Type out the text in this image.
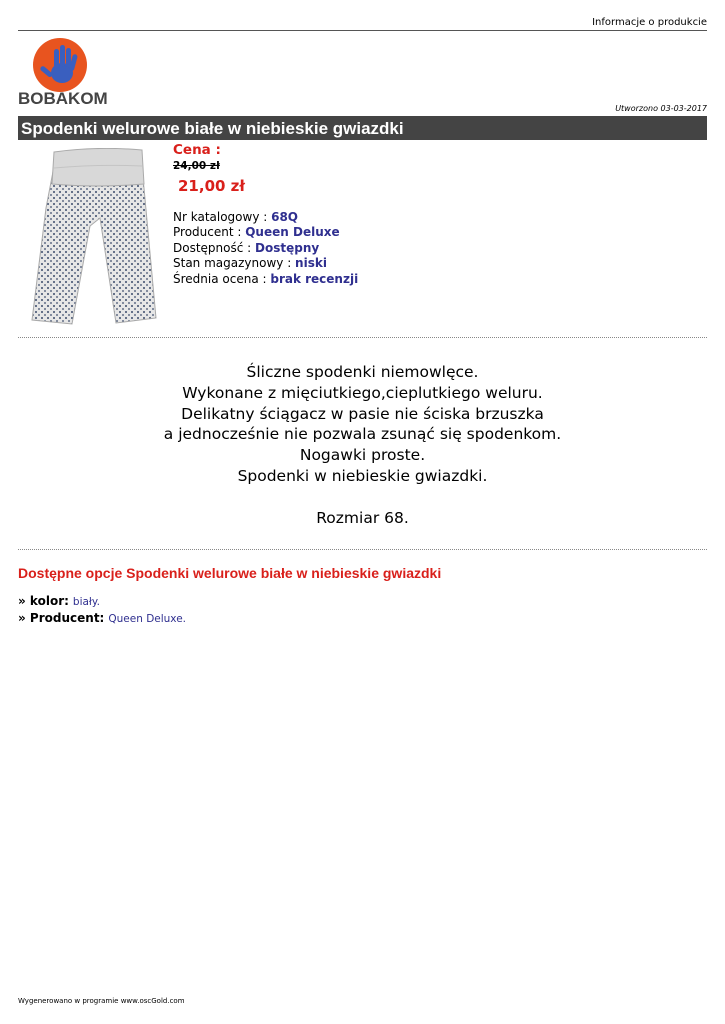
Informacje o produkcie
BOBAKOM
Utworzono 03-03-2017
Spodenki welurowe białe w niebieskie gwiazdki
Cena :
24,00 zł
21,00 zł
Nr katalogowy : 68Q
Producent : Queen Deluxe
Dostępność : Dostępny
Stan magazynowy : niski
Średnia ocena : brak recenzji
Śliczne spodenki niemowlęce.
Wykonane z mięciutkiego,cieplutkiego weluru.
Delikatny ściągacz w pasie nie ściska brzuszka
a jednocześnie nie pozwala zsunąć się spodenkom.
Nogawki proste.
Spodenki w niebieskie gwiazdki.
Rozmiar 68.
Dostępne opcje Spodenki welurowe białe w niebieskie gwiazdki
» kolor: biały.
» Producent: Queen Deluxe.
Wygenerowano w programie www.oscGold.com
